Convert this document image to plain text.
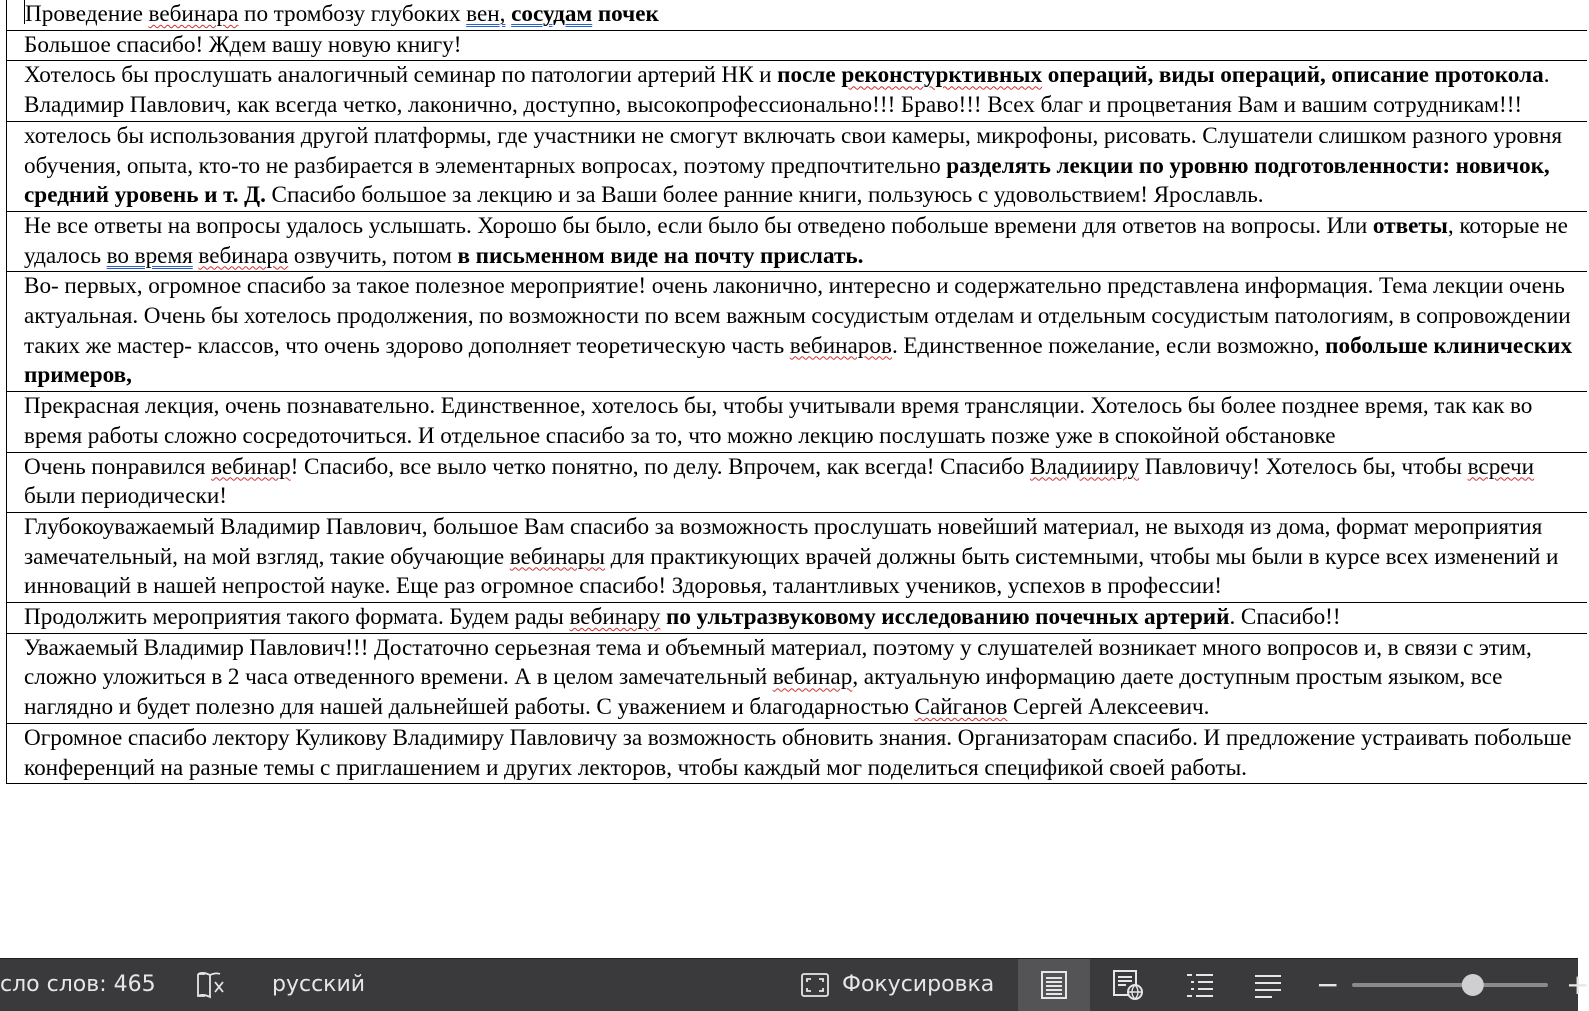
Проведение вебинара по тромбозу глубоких вен, сосудам почек
Большое спасибо! Ждем вашу новую книгу!
Хотелось бы прослушать аналогичный семинар по патологии артерий НК и после реконстурктивных операций, виды операций, описание протокола. Владимир Павлович, как всегда четко, лаконично, доступно, высокопрофессионально!!! Браво!!! Всех благ и процветания Вам и вашим сотрудникам!!!
хотелось бы использования другой платформы, где участники не смогут включать свои камеры, микрофоны, рисовать. Слушатели слишком разного уровня обучения, опыта, кто-то не разбирается в элементарных вопросах, поэтому предпочтительно разделять лекции по уровню подготовленности: новичок, средний уровень и т. Д. Спасибо большое за лекцию и за Ваши более ранние книги, пользуюсь с удовольствием! Ярославль.
Не все ответы на вопросы удалось услышать. Хорошо бы было, если было бы отведено побольше времени для ответов на вопросы. Или ответы, которые не удалось во время вебинара озвучить, потом в письменном виде на почту прислать.
Во- первых, огромное спасибо за такое полезное мероприятие! очень лаконично, интересно и содержательно представлена информация. Тема лекции очень актуальная. Очень бы хотелось продолжения, по возможности по всем важным сосудистым отделам и отдельным сосудистым патологиям, в сопровождении таких же мастер- классов, что очень здорово дополняет теоретическую часть вебинаров. Единственное пожелание, если возможно, побольше клинических примеров,
Прекрасная лекция, очень познавательно. Единственное, хотелось бы, чтобы учитывали время трансляции. Хотелось бы более позднее время, так как во время работы сложно сосредоточиться. И отдельное спасибо за то, что можно лекцию послушать позже уже в спокойной обстановке
Очень понравился вебинар! Спасибо, все выло четко понятно, по делу. Впрочем, как всегда! Спасибо Владиииру Павловичу! Хотелось бы, чтобы всречи были периодически!
Глубокоуважаемый Владимир Павлович, большое Вам спасибо за возможность прослушать новейший материал, не выходя из дома, формат мероприятия замечательный, на мой взгляд, такие обучающие вебинары для практикующих врачей должны быть системными, чтобы мы были в курсе всех изменений и инноваций в нашей непростой науке. Еще раз огромное спасибо! Здоровья, талантливых учеников, успехов в профессии!
Продолжить мероприятия такого формата. Будем рады вебинару по ультразвуковому исследованию почечных артерий. Спасибо!!
Уважаемый Владимир Павлович!!! Достаточно серьезная тема и объемный материал, поэтому у слушателей возникает много вопросов и, в связи с этим, сложно уложиться в 2 часа отведенного времени. А в целом замечательный вебинар, актуальную информацию даете доступным простым языком, все наглядно и будет полезно для нашей дальнейшей работы. С уважением и благодарностью Сайганов Сергей Алексеевич.
Огромное спасибо лектору Куликову Владимиру Павловичу за возможность обновить знания. Организаторам спасибо. И предложение устраивать побольше конференций на разные темы с приглашением и других лекторов, чтобы каждый мог поделиться спецификой своей работы.
сло слов: 465	русский	Фокусировка	−	+
